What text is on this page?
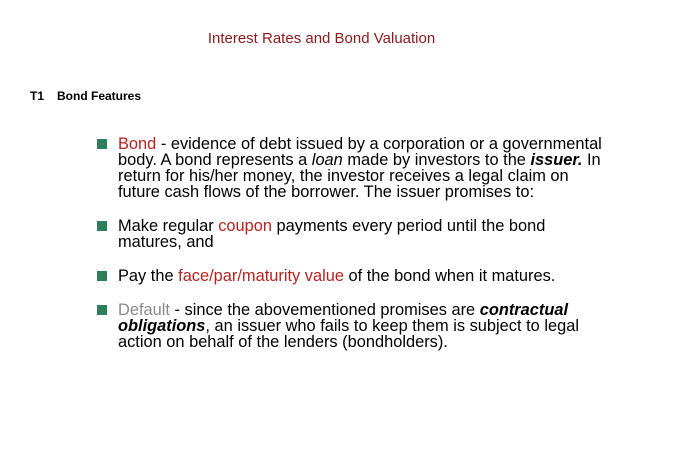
Interest Rates and Bond Valuation
T1 Bond Features
Bond - evidence of debt issued by a corporation or a governmental body. A bond represents a loan made by investors to the issuer. In return for his/her money, the investor receives a legal claim on future cash flows of the borrower. The issuer promises to:
Make regular coupon payments every period until the bond matures, and
Pay the face/par/maturity value of the bond when it matures.
Default - since the abovementioned promises are contractual obligations, an issuer who fails to keep them is subject to legal action on behalf of the lenders (bondholders).
